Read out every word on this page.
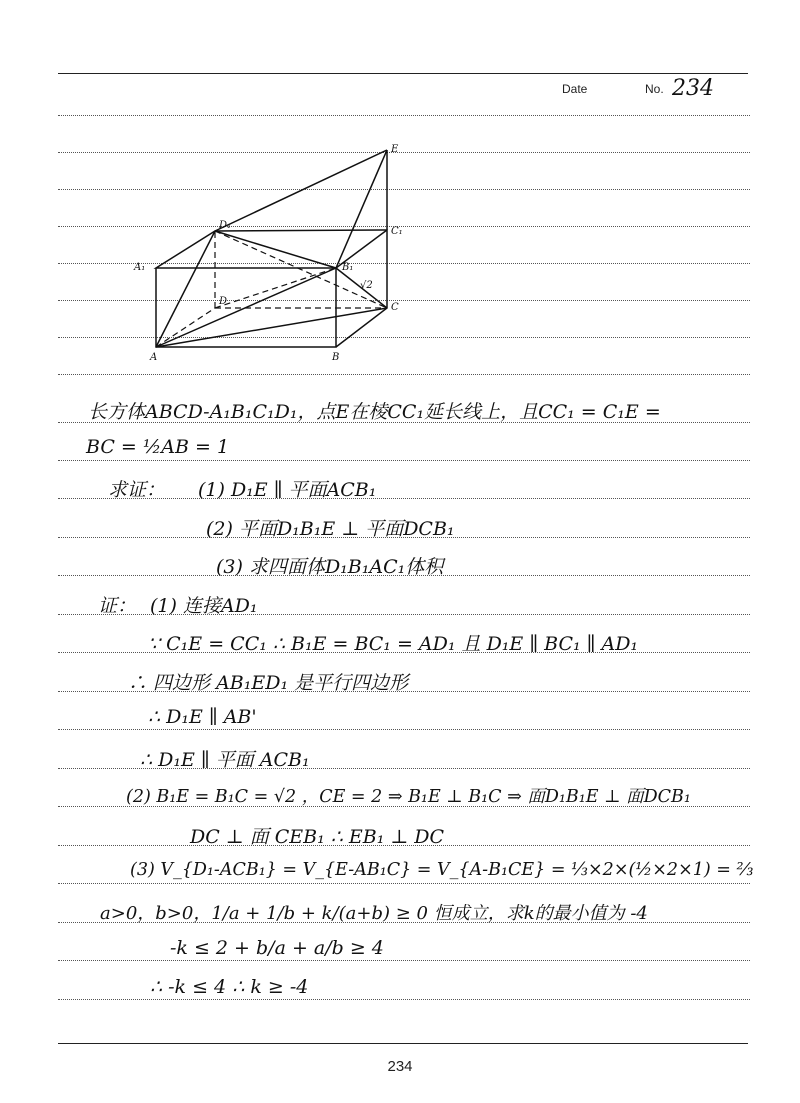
Date	No. 234
E
D₁
C₁
A₁	B₁
√2
D
C
A	B
长方体ABCD-A₁B₁C₁D₁，点E在棱CC₁延长线上，且CC₁ = C₁E =
BC = ½AB = 1
求证： (1) D₁E ∥ 平面ACB₁
(2) 平面D₁B₁E ⊥ 平面DCB₁
(3) 求四面体D₁B₁AC₁体积
证： (1) 连接AD₁
∵ C₁E = CC₁ ∴ B₁E = BC₁ = AD₁ 且 D₁E ∥ BC₁ ∥ AD₁
∴ 四边形 AB₁ED₁ 是平行四边形
∴ D₁E ∥ AB'
∴ D₁E ∥ 平面 ACB₁
(2) B₁E = B₁C = √2 ，CE = 2 ⇒ B₁E ⊥ B₁C ⇒ 面D₁B₁E ⊥ 面DCB₁
DC ⊥ 面 CEB₁ ∴ EB₁ ⊥ DC
(3) V_{D₁-ACB₁} = V_{E-AB₁C} = V_{A-B₁CE} = ⅓×2×(½×2×1) = ⅔
a>0，b>0，1/a + 1/b + k/(a+b) ≥ 0 恒成立，求k的最小值为 -4
-k ≤ 2 + b/a + a/b ≥ 4
∴ -k ≤ 4 ∴ k ≥ -4
234
